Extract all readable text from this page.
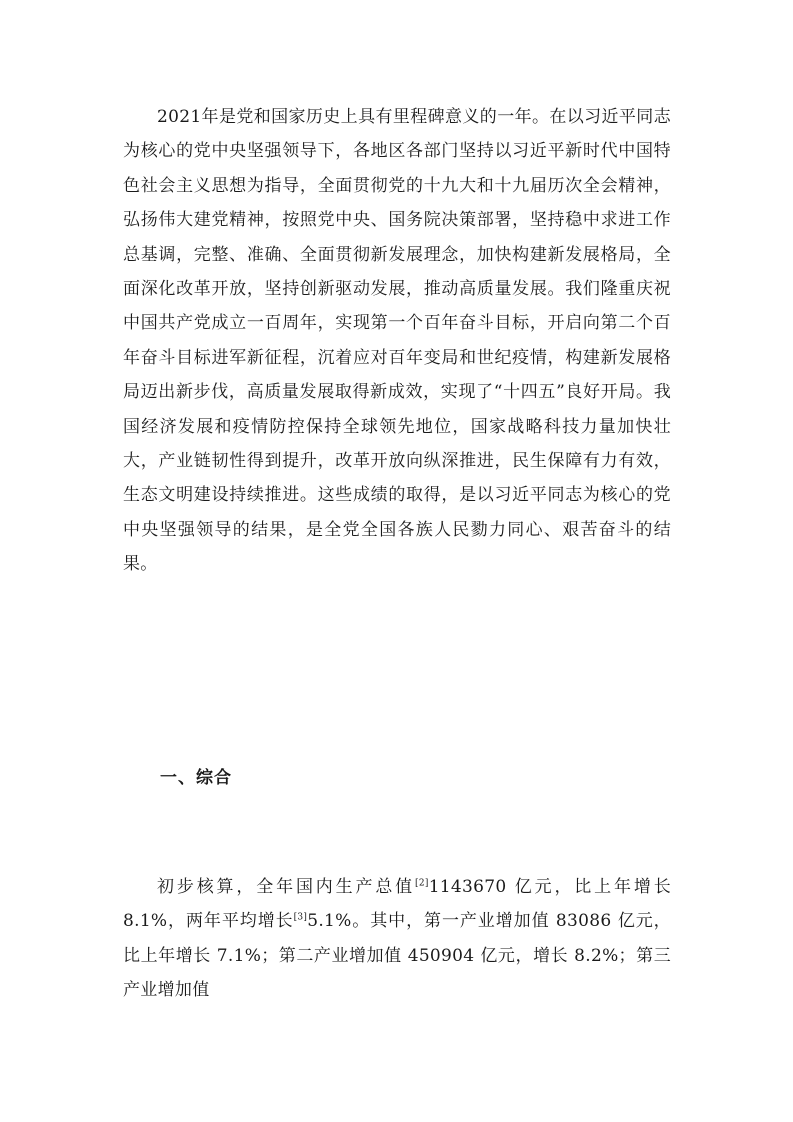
2021年是党和国家历史上具有里程碑意义的一年。在以习近平同志为核心的党中央坚强领导下，各地区各部门坚持以习近平新时代中国特色社会主义思想为指导，全面贯彻党的十九大和十九届历次全会精神，弘扬伟大建党精神，按照党中央、国务院决策部署，坚持稳中求进工作总基调，完整、准确、全面贯彻新发展理念，加快构建新发展格局，全面深化改革开放，坚持创新驱动发展，推动高质量发展。我们隆重庆祝中国共产党成立一百周年，实现第一个百年奋斗目标，开启向第二个百年奋斗目标进军新征程，沉着应对百年变局和世纪疫情，构建新发展格局迈出新步伐，高质量发展取得新成效，实现了“十四五”良好开局。我国经济发展和疫情防控保持全球领先地位，国家战略科技力量加快壮大，产业链韧性得到提升，改革开放向纵深推进，民生保障有力有效，生态文明建设持续推进。这些成绩的取得，是以习近平同志为核心的党中央坚强领导的结果，是全党全国各族人民勠力同心、艰苦奋斗的结果。

一、综合

初步核算，全年国内生产总值[2]1143670 亿元，比上年增长 8.1%，两年平均增长[3]5.1%。其中，第一产业增加值 83086 亿元，比上年增长 7.1%；第二产业增加值 450904 亿元，增长 8.2%；第三产业增加值
